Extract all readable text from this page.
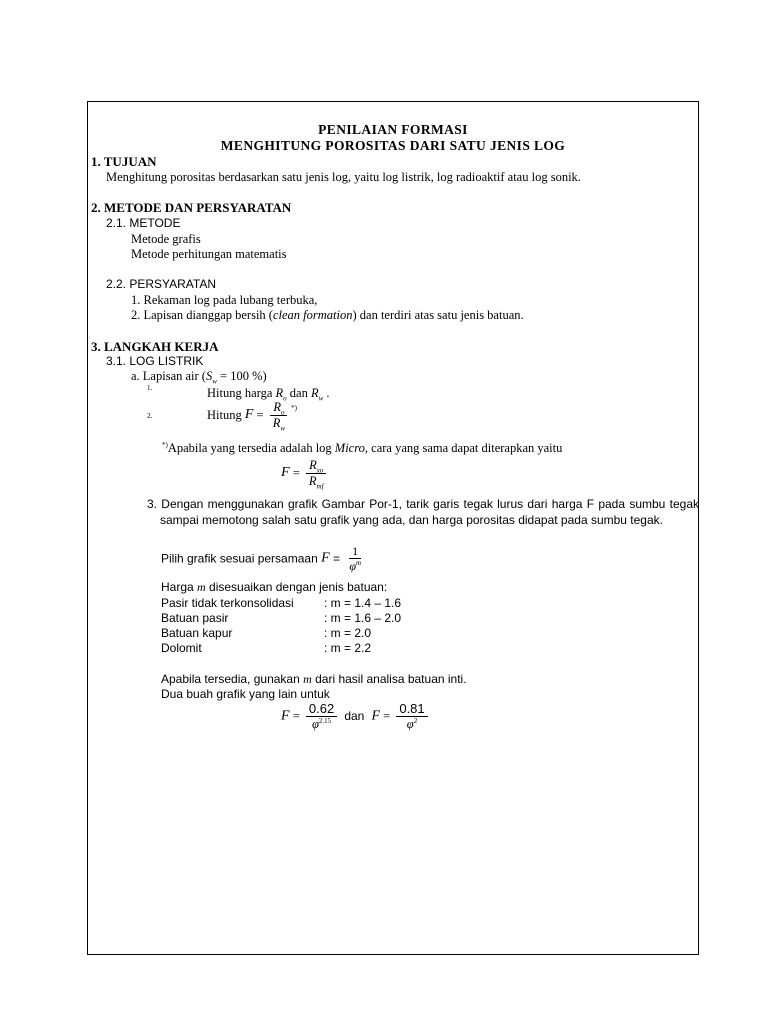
PENILAIAN FORMASI
MENGHITUNG POROSITAS DARI SATU JENIS LOG
1. TUJUAN
Menghitung porositas berdasarkan satu jenis log, yaitu log listrik, log radioaktif atau log sonik.
2. METODE DAN PERSYARATAN
2.1. METODE
Metode grafis
Metode perhitungan matematis
2.2. PERSYARATAN
1. Rekaman log pada lubang terbuka,
2. Lapisan dianggap bersih (clean formation) dan terdiri atas satu jenis batuan.
3. LANGKAH KERJA
3.1. LOG LISTRIK
a. Lapisan air ($S_w = 100$ %)
1.	Hitung harga $R_o$ dan $R_w$ .
2.	Hitung $F = \frac{R_o}{R_w} ^{*)}$
*)Apabila yang tersedia adalah log Micro, cara yang sama dapat diterapkan yaitu
$F = \frac{R_{xo}}{R_{mf}}$
3. Dengan menggunakan grafik Gambar Por-1, tarik garis tegak lurus dari harga F pada sumbu tegak sampai memotong salah satu grafik yang ada, dan harga porositas didapat pada sumbu tegak.
Pilih grafik sesuai persamaan $F = \frac{1}{\varphi^m}$
Harga m disesuaikan dengan jenis batuan:
Pasir tidak terkonsolidasi	: m = 1.4 – 1.6
Batuan pasir	: m = 1.6 – 2.0
Batuan kapur	: m = 2.0
Dolomit	: m = 2.2
Apabila tersedia, gunakan m dari hasil analisa batuan inti.
Dua buah grafik yang lain untuk
$F = \frac{0.62}{\varphi^{2.15}}$ dan $F = \frac{0.81}{\varphi^2}$
